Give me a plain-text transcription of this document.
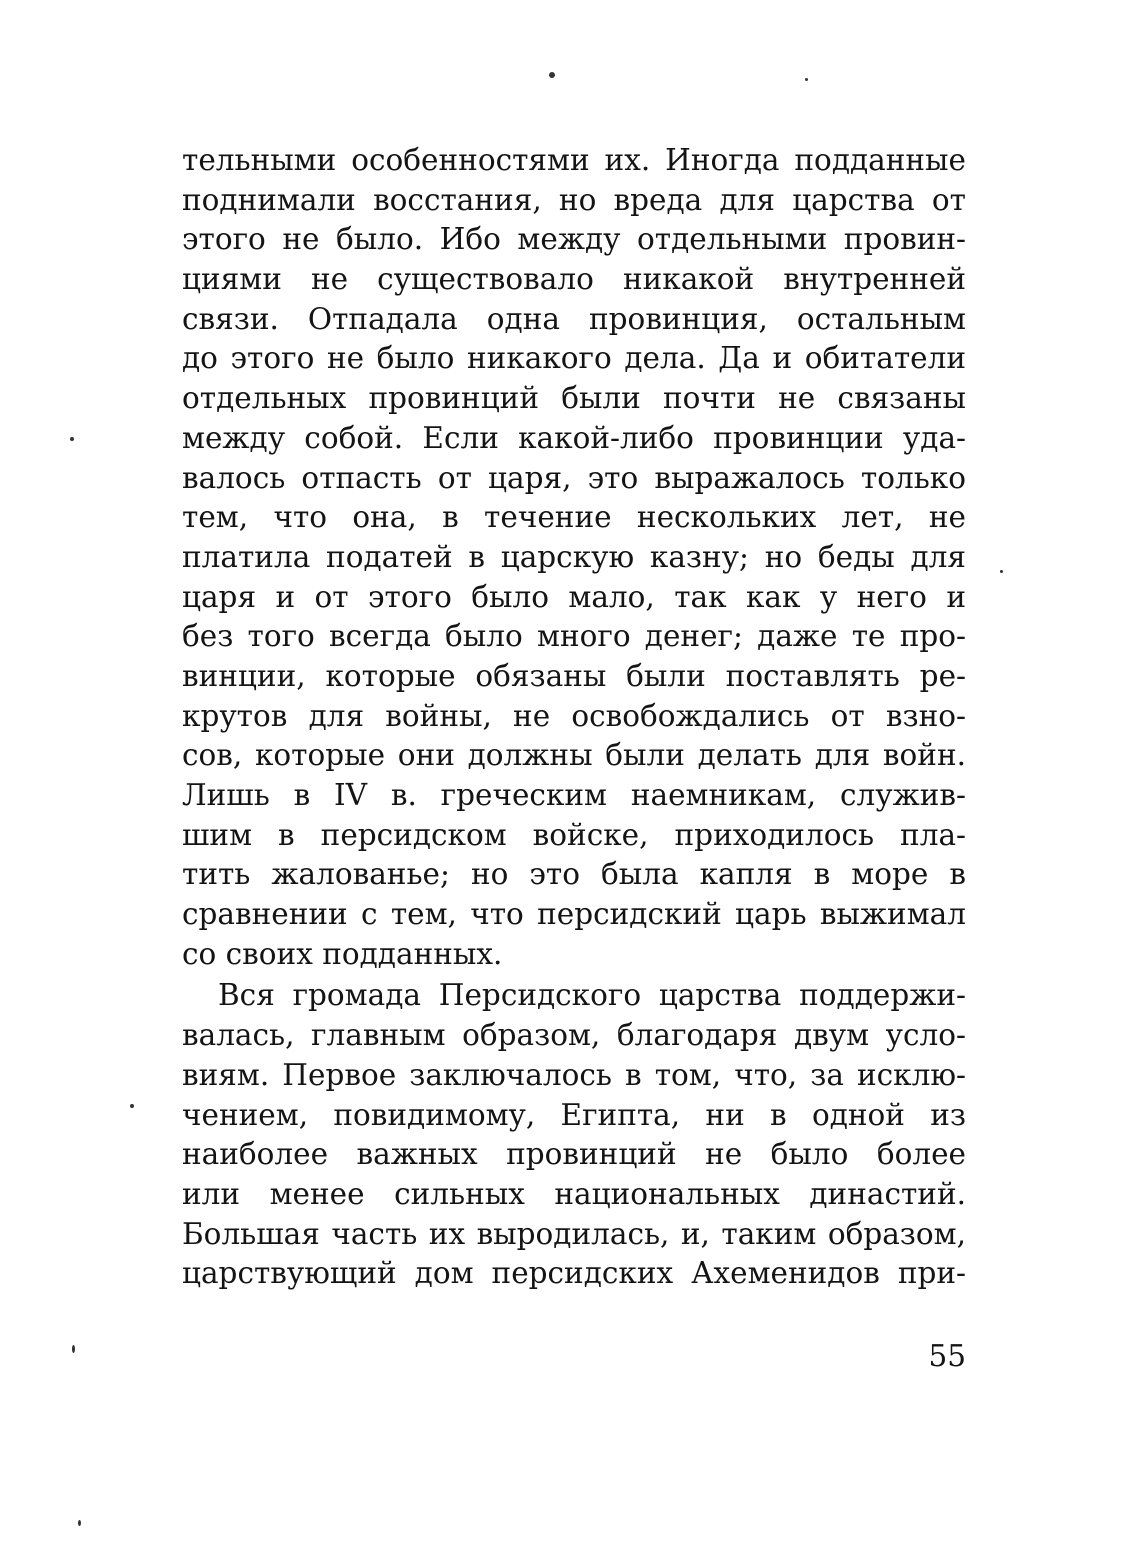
тельными особенностями их. Иногда подданные
поднимали восстания, но вреда для царства от
этого не было. Ибо между отдельными провин-
циями не существовало никакой внутренней
связи. Отпадала одна провинция, остальным
до этого не было никакого дела. Да и обитатели
отдельных провинций были почти не связаны
между собой. Если какой-либо провинции уда-
валось отпасть от царя, это выражалось только
тем, что она, в течение нескольких лет, не
платила податей в царскую казну; но беды для
царя и от этого было мало, так как у него и
без того всегда было много денег; даже те про-
винции, которые обязаны были поставлять ре-
крутов для войны, не освобождались от взно-
сов, которые они должны были делать для войн.
Лишь в IV в. греческим наемникам, служив-
шим в персидском войске, приходилось пла-
тить жалованье; но это была капля в море в
сравнении с тем, что персидский царь выжимал
со своих подданных.
Вся громада Персидского царства поддержи-
валась, главным образом, благодаря двум усло-
виям. Первое заключалось в том, что, за исклю-
чением, повидимому, Египта, ни в одной из
наиболее важных провинций не было более
или менее сильных национальных династий.
Большая часть их выродилась, и, таким образом,
царствующий дом персидских Ахеменидов при-
55
